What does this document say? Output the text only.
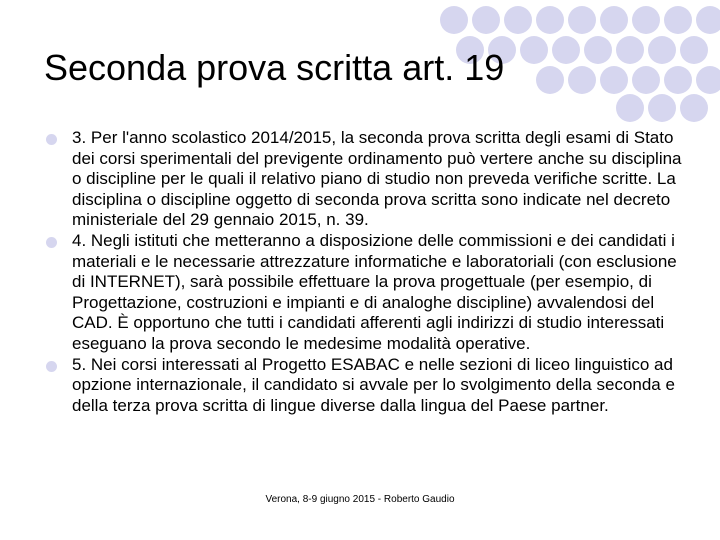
Seconda prova scritta art. 19
3. Per l'anno scolastico 2014/2015, la seconda prova scritta degli esami di Stato dei corsi sperimentali del previgente ordinamento può vertere anche su disciplina o discipline per le quali il relativo piano di studio non preveda verifiche scritte. La disciplina o discipline oggetto di seconda prova scritta sono indicate nel decreto ministeriale del 29 gennaio 2015, n. 39.
4. Negli istituti che metteranno a disposizione delle commissioni e dei candidati i materiali e le necessarie attrezzature informatiche e laboratoriali (con esclusione di INTERNET), sarà possibile effettuare la prova progettuale (per esempio, di Progettazione, costruzioni e impianti e di analoghe discipline) avvalendosi del CAD. È opportuno che tutti i candidati afferenti agli indirizzi di studio interessati eseguano la prova secondo le medesime modalità operative.
5. Nei corsi interessati al Progetto ESABAC e nelle sezioni di liceo linguistico ad opzione internazionale, il candidato si avvale per lo svolgimento della seconda e della terza prova scritta di lingue diverse dalla lingua del Paese partner.
Verona, 8-9 giugno 2015 - Roberto Gaudio
